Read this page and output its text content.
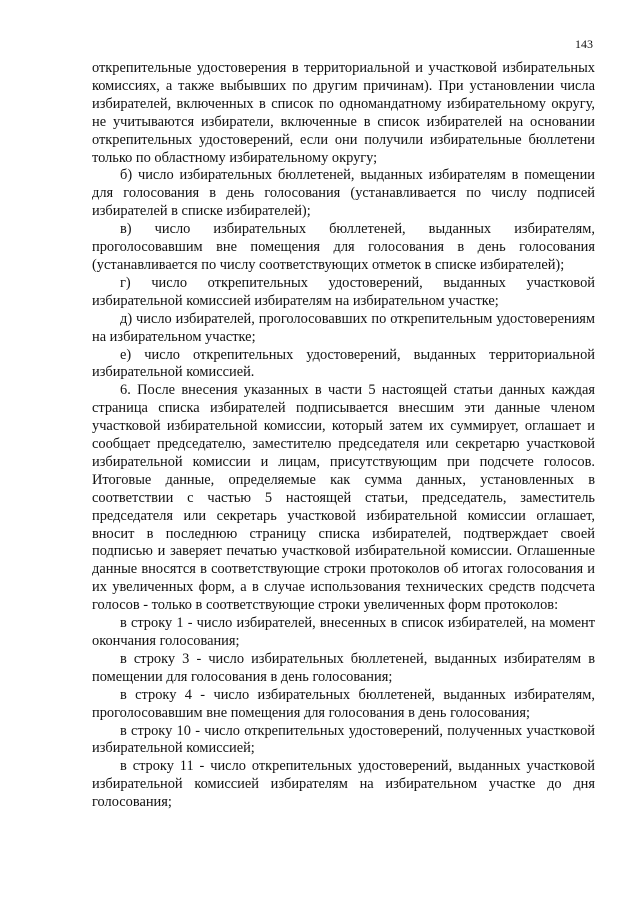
143

открепительные удостоверения в территориальной и участковой избирательных комиссиях, а также выбывших по другим причинам). При установлении числа избирателей, включенных в список по одномандатному избирательному округу, не учитываются избиратели, включенные в список избирателей на основании открепительных удостоверений, если они получили избирательные бюллетени только по областному избирательному округу;

б) число избирательных бюллетеней, выданных избирателям в помещении для голосования в день голосования (устанавливается по числу подписей избирателей в списке избирателей);

в) число избирательных бюллетеней, выданных избирателям, проголосовавшим вне помещения для голосования в день голосования (устанавливается по числу соответствующих отметок в списке избирателей);

г) число открепительных удостоверений, выданных участковой избирательной комиссией избирателям на избирательном участке;

д) число избирателей, проголосовавших по открепительным удостоверениям на избирательном участке;

е) число открепительных удостоверений, выданных территориальной избирательной комиссией.

6. После внесения указанных в части 5 настоящей статьи данных каждая страница списка избирателей подписывается внесшим эти данные членом участковой избирательной комиссии, который затем их суммирует, оглашает и сообщает председателю, заместителю председателя или секретарю участковой избирательной комиссии и лицам, присутствующим при подсчете голосов. Итоговые данные, определяемые как сумма данных, установленных в соответствии с частью 5 настоящей статьи, председатель, заместитель председателя или секретарь участковой избирательной комиссии оглашает, вносит в последнюю страницу списка избирателей, подтверждает своей подписью и заверяет печатью участковой избирательной комиссии. Оглашенные данные вносятся в соответствующие строки протоколов об итогах голосования и их увеличенных форм, а в случае использования технических средств подсчета голосов - только в соответствующие строки увеличенных форм протоколов:

в строку 1 - число избирателей, внесенных в список избирателей, на момент окончания голосования;

в строку 3 - число избирательных бюллетеней, выданных избирателям в помещении для голосования в день голосования;

в строку 4 - число избирательных бюллетеней, выданных избирателям, проголосовавшим вне помещения для голосования в день голосования;

в строку 10 - число открепительных удостоверений, полученных участковой избирательной комиссией;

в строку 11 - число открепительных удостоверений, выданных участковой избирательной комиссией избирателям на избирательном участке до дня голосования;
